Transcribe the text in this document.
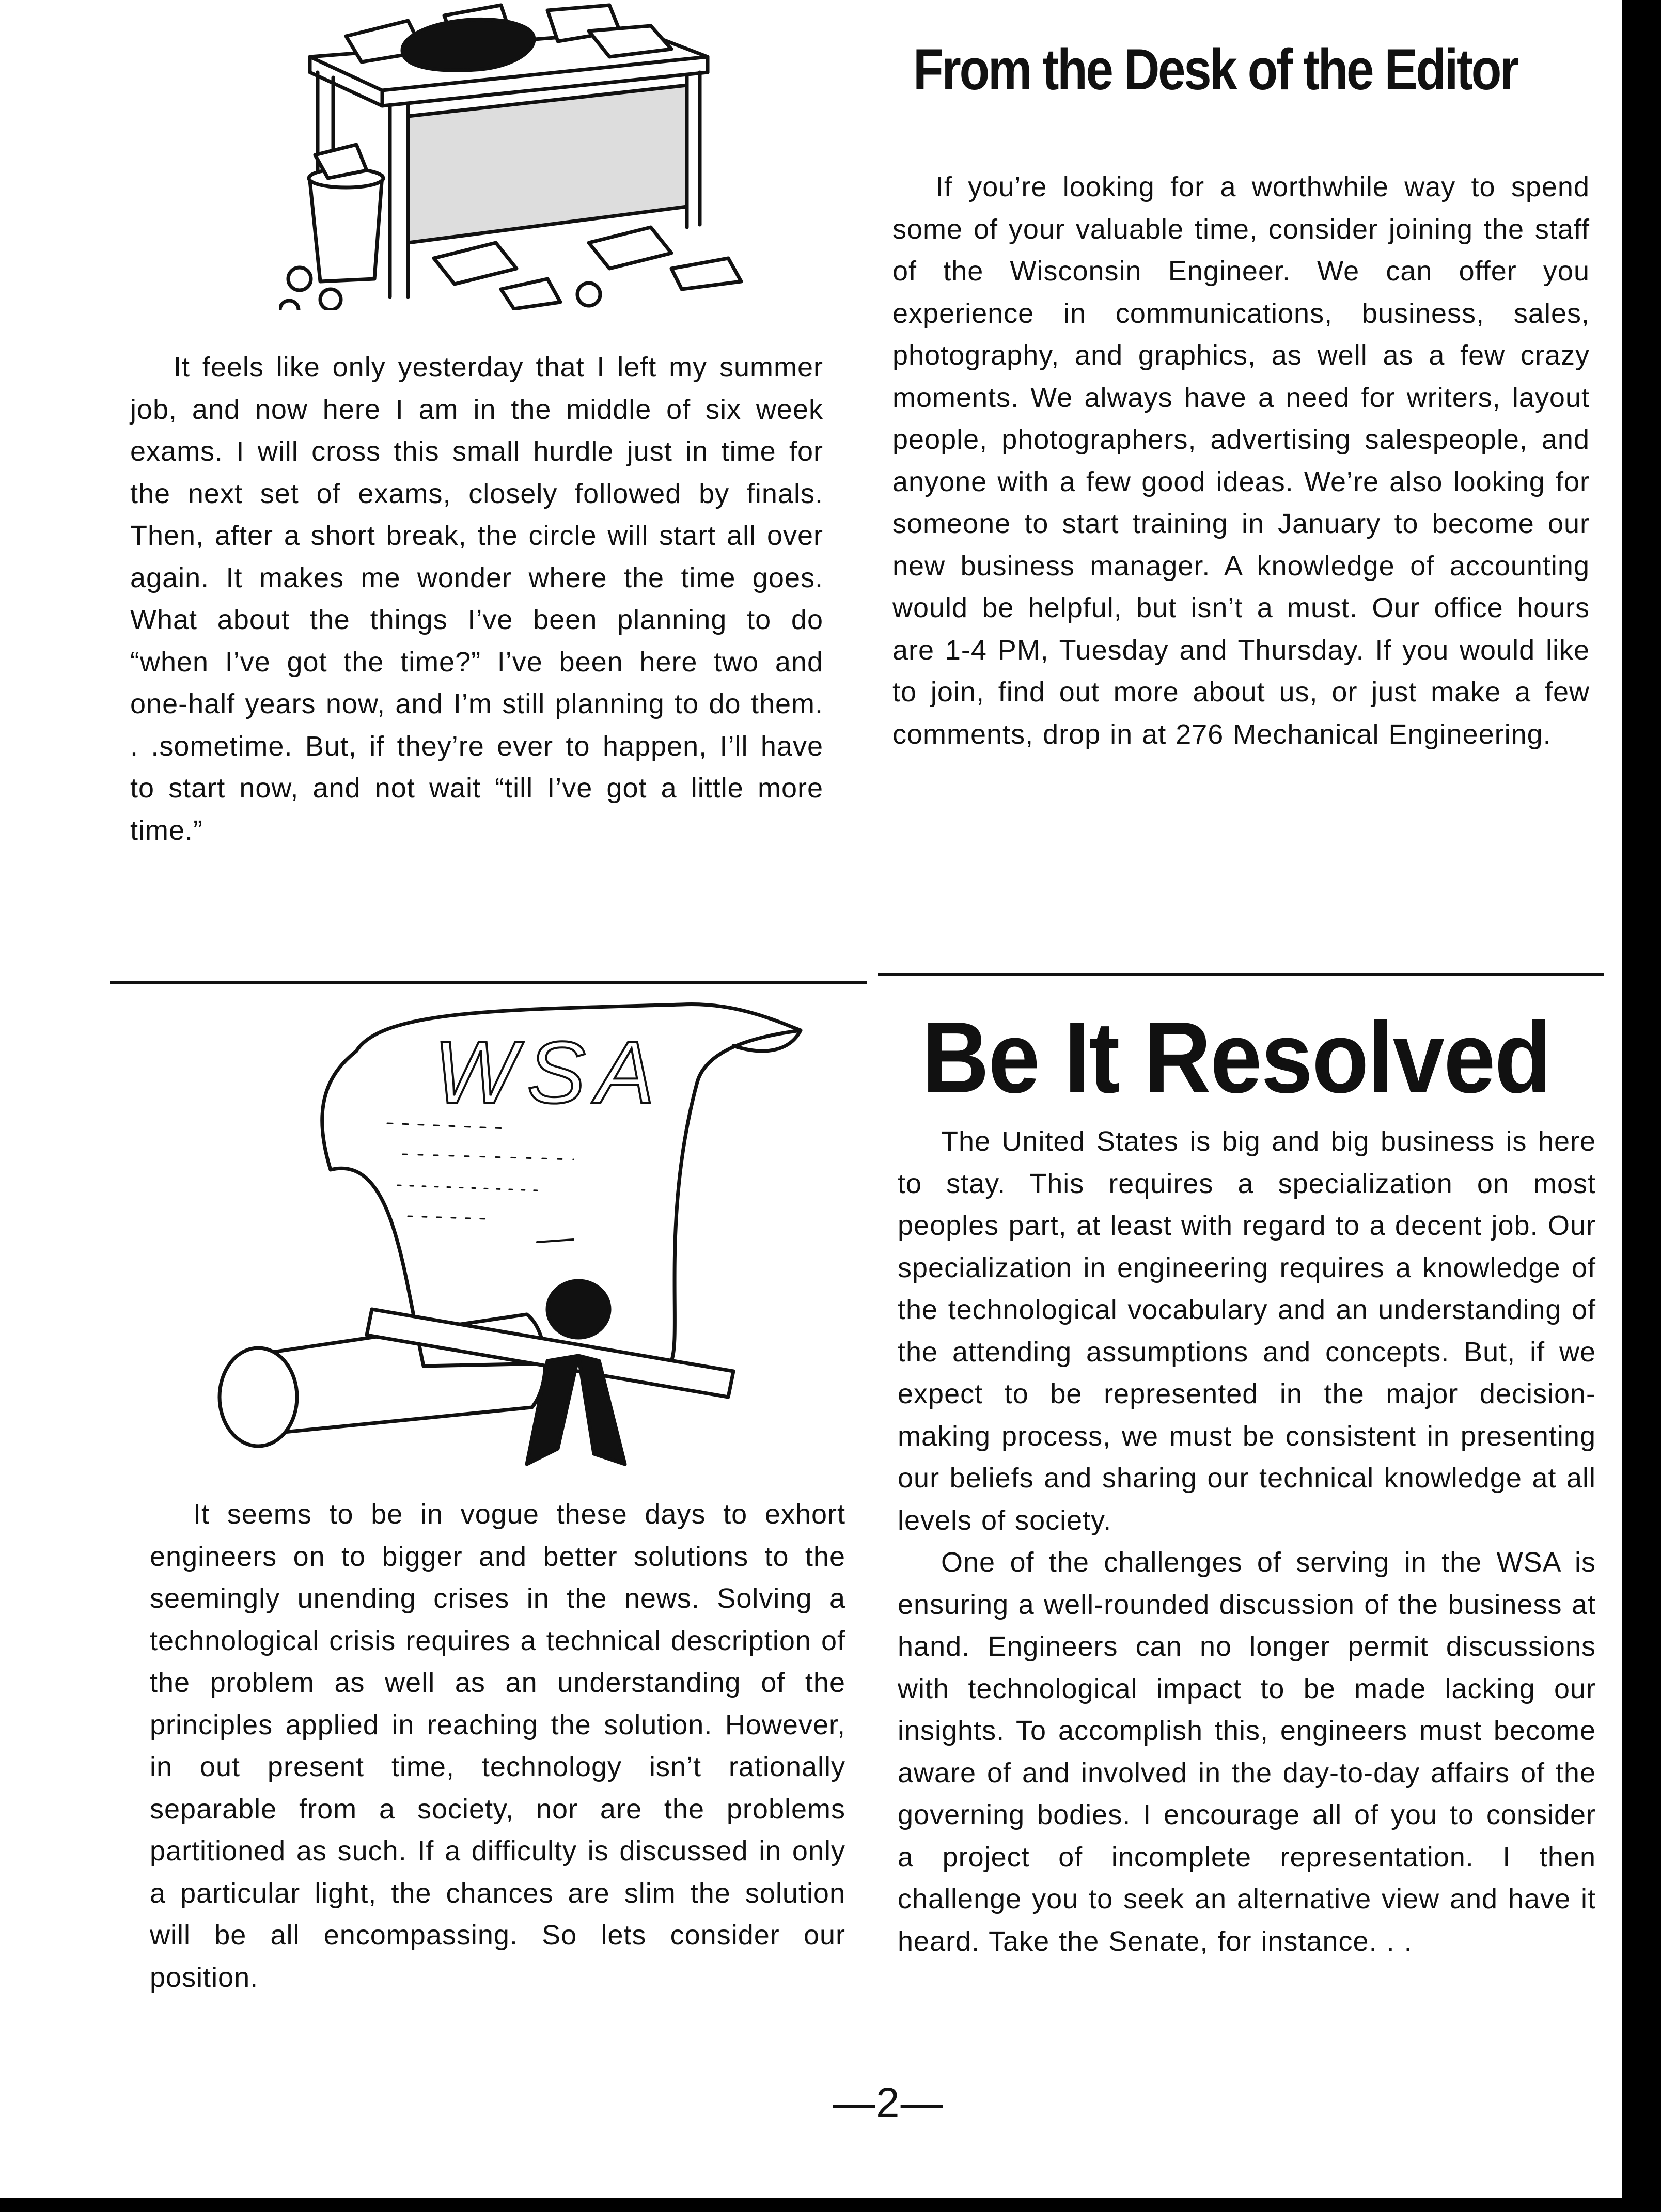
From the Desk of the Editor

If you’re looking for a worthwhile way to spend some of your valuable time, consider joining the staff of the Wisconsin Engineer. We can offer you experience in communications, business, sales, photography, and graphics, as well as a few crazy moments. We always have a need for writers, layout people, photographers, advertising salespeople, and anyone with a few good ideas. We’re also looking for someone to start training in January to become our new business manager. A knowledge of accounting would be helpful, but isn’t a must. Our office hours are 1-4 PM, Tuesday and Thursday. If you would like to join, find out more about us, or just make a few comments, drop in at 276 Mechanical Engineering.

It feels like only yesterday that I left my summer job, and now here I am in the middle of six week exams. I will cross this small hurdle just in time for the next set of exams, closely followed by finals. Then, after a short break, the circle will start all over again. It makes me wonder where the time goes. What about the things I’ve been planning to do “when I’ve got the time?” I’ve been here two and one-half years now, and I’m still planning to do them. . .sometime. But, if they’re ever to happen, I’ll have to start now, and not wait “till I’ve got a little more time.”

WSA	Be It Resolved

It seems to be in vogue these days to exhort engineers on to bigger and better solutions to the seemingly unending crises in the news. Solving a technological crisis requires a technical description of the problem as well as an understanding of the principles applied in reaching the solution. However, in out present time, technology isn’t rationally separable from a society, nor are the problems partitioned as such. If a difficulty is discussed in only a particular light, the chances are slim the solution will be all encompassing. So lets consider our position.

The United States is big and big business is here to stay. This requires a specialization on most peoples part, at least with regard to a decent job. Our specialization in engineering requires a knowledge of the technological vocabulary and an understanding of the attending assumptions and concepts. But, if we expect to be represented in the major decision-making process, we must be consistent in presenting our beliefs and sharing our technical knowledge at all levels of society.

One of the challenges of serving in the WSA is ensuring a well-rounded discussion of the business at hand. Engineers can no longer permit discussions with technological impact to be made lacking our insights. To accomplish this, engineers must become aware of and involved in the day-to-day affairs of the governing bodies. I encourage all of you to consider a project of incomplete representation. I then challenge you to seek an alternative view and have it heard. Take the Senate, for instance. . .

—2—
